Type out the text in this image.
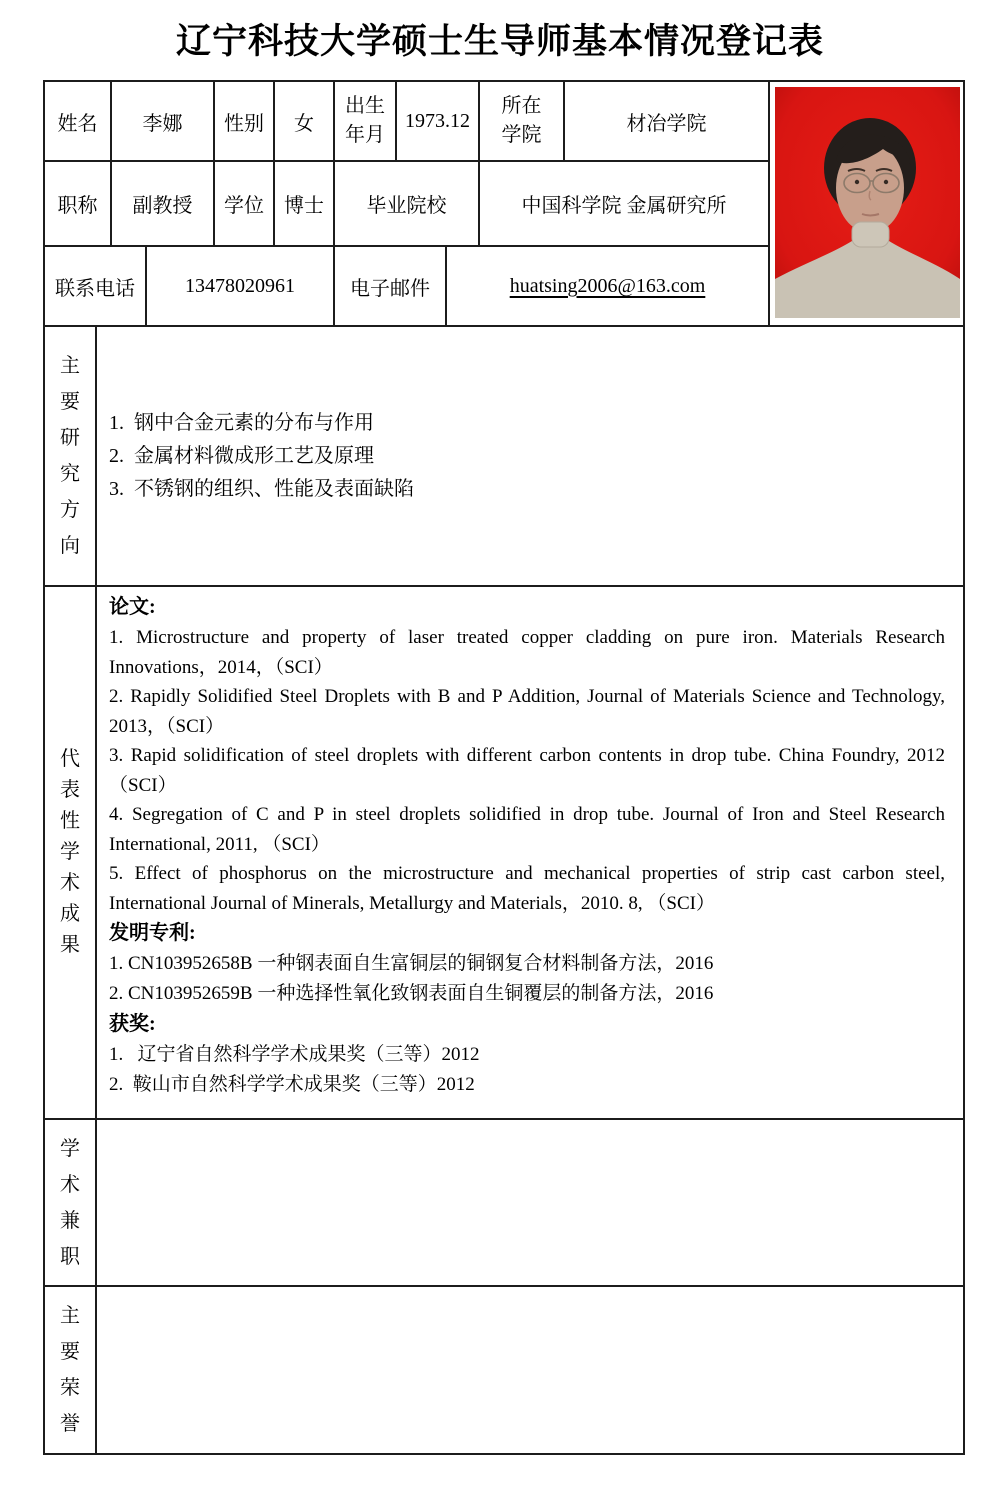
辽宁科技大学硕士生导师基本情况登记表
姓名		李娜		性别	女	出生年月	1973.12		所在学院	材冶学院	

职称		副教授		学位	博士	毕业院校			中国科学院 金属研究所		
联系电话			13478020961			电子邮件		huatsing2006@163.com			
主要研究方向	1.  钢中合金元素的分布与作用
2.  金属材料微成形工艺及原理
3.  不锈钢的组织、性能及表面缺陷										

代表性学术成果	
论文:
1. Microstructure and property of laser treated copper cladding on pure iron. Materials Research Innovations，2014，（SCI）
2. Rapidly Solidified Steel Droplets with B and P Addition, Journal of Materials Science and Technology, 2013，（SCI）
3. Rapid solidification of steel droplets with different carbon contents in drop tube. China Foundry, 2012 （SCI）
4. Segregation of C and P in steel droplets solidified in drop tube. Journal of Iron and Steel Research International, 2011, （SCI）
5. Effect of phosphorus on the microstructure and mechanical properties of strip cast carbon steel, International Journal of Minerals, Metallurgy and Materials，2010. 8, （SCI）
发明专利:
1. CN103952658B 一种钢表面自生富铜层的铜钢复合材料制备方法，2016
2. CN103952659B 一种选择性氧化致钢表面自生铜覆层的制备方法，2016
获奖:
1.   辽宁省自然科学学术成果奖（三等）2012
2.  鞍山市自然科学学术成果奖（三等）2012

学术兼职											
主要荣誉											
